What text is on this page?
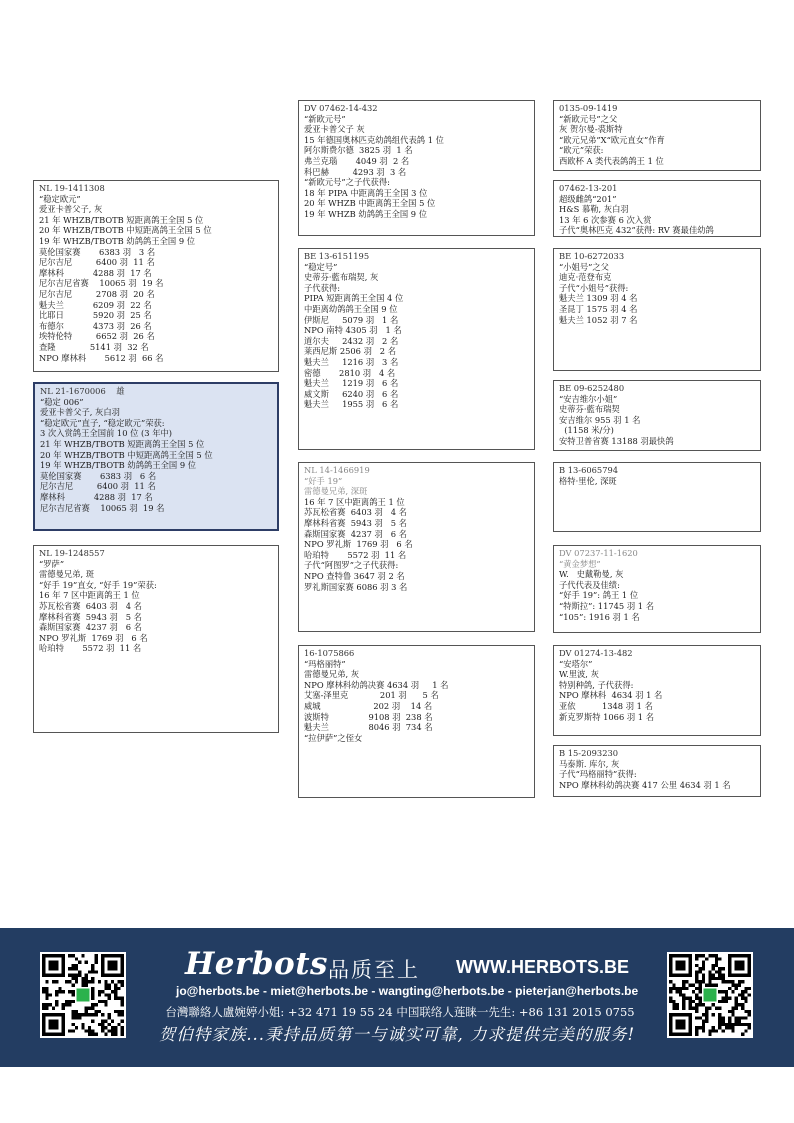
NL 21-1670006    雄
“稳定 006”
爱亚卡普父子, 灰白羽
“稳定欧元”直子, “稳定欧元”荣获:
3 次入赏鸽王全国前 10 位 (3 年中)
21 年 WHZB/TBOTB 短距离鸽王全国 5 位
20 年 WHZB/TBOTB 中短距离鸽王全国 5 位
19 年 WHZB/TBOTB 幼鸽鸽王全国 9 位
莫伦国家赛       6383 羽   6 名
尼尔吉尼         6400 羽  11 名
摩林科           4288 羽  17 名
尼尔吉尼省赛    10065 羽  19 名
NL 19-1411308
“稳定欧元”
爱亚卡普父子, 灰
21 年 WHZB/TBOTB 短距离鸽王全国 5 位
20 年 WHZB/TBOTB 中短距离鸽王全国 5 位
19 年 WHZB/TBOTB 幼鸽鸽王全国 9 位
莫伦国家赛       6383 羽   3 名
尼尔吉尼         6400 羽  11 名
摩林科           4288 羽  17 名
尼尔吉尼省赛    10065 羽  19 名
尼尔吉尼         2708 羽  20 名
魁夫兰           6209 羽  22 名
比耶日           5920 羽  25 名
布德尔           4373 羽  26 名
埃特伦特         6652 羽  26 名
查隆             5141 羽  32 名
NPO 摩林科       5612 羽  66 名
NL 19-1248557
“罗萨”
雷德曼兄弟, 斑
“好手 19”直女, “好手 19”荣获:
16 年 7 区中距离鸽王 1 位
苏瓦松省赛  6403 羽   4 名
摩林科省赛  5943 羽   5 名
森斯国家赛  4237 羽   6 名
NPO 罗礼斯  1769 羽   6 名
哈珀特       5572 羽  11 名
DV 07462-14-432
“新欧元号”
爱亚卡普父子 灰
15 年德国奥林匹克幼鸽组代表鸽 1 位
阿尔斯费尔德  3825 羽  1 名
弗兰克瑙       4049 羽  2 名
科巴赫         4293 羽  3 名
“新欧元号”之子代获得:
18 年 PIPA 中距离鸽王全国 3 位
20 年 WHZB 中距离鸽王全国 5 位
19 年 WHZB 幼鸽鸽王全国 9 位
BE 13-6151195
“稳定号”
史蒂芬·藍布瑞契, 灰
子代获得:
PIPA 短距离鸽王全国 4 位
中距离幼鸽鸽王全国 9 位
伊斯尼     5079 羽   1 名
NPO 南特 4305 羽   1 名
道尔夫     2432 羽   2 名
莱西尼斯 2506 羽   2 名
魁夫兰     1216 羽   3 名
密德       2810 羽   4 名
魁夫兰     1219 羽   6 名
威文斯     6240 羽   6 名
魁夫兰     1955 羽   6 名
NL 14-1466919
“好手 19”
雷德曼兄弟, 深斑
16 年 7 区中距离鸽王 1 位
苏瓦松省赛  6403 羽   4 名
摩林科省赛  5943 羽   5 名
森斯国家赛  4237 羽   6 名
NPO 罗礼斯  1769 羽   6 名
哈珀特       5572 羽  11 名
子代“阿图罗”之子代获得:
NPO 查特鲁 3647 羽 2 名
罗礼斯国家赛 6086 羽 3 名
16-1075866
“玛格丽特”
雷德曼兄弟, 灰
NPO 摩林科幼鸽决赛 4634 羽     1 名
艾塞-泽里克            201 羽      5 名
威城                    202 羽    14 名
波斯特               9108 羽  238 名
魁夫兰               8046 羽  734 名
“拉伊萨”之侄女
0135-09-1419
“新欧元号”之父
灰 贺尔曼-裘斯特
“欧元兄弟”X“欧元直女”作育
“欧元”荣获:
西欧杯 A 类代表鸽鸽王 1 位
07462-13-201
超级雌鸽“201”
H&S 慕勒, 灰白羽
13 年 6 次参赛 6 次入赏
子代“奥林匹克 432”获得: RV 赛最佳幼鸽
BE 10-6272033
“小姐号”之父
迪克·范登布克
子代“小姐号”获得:
魁夫兰 1309 羽 4 名
圣昆丁 1575 羽 4 名
魁夫兰 1052 羽 7 名
BE 09-6252480
“安吉维尔小姐”
史蒂芬·藍布瑞契
安吉维尔 955 羽 1 名
(1158 米/分)
安特卫普省赛 13188 羽最快鸽
B 13-6065794
格特·里伦, 深斑
DV 07237-11-1620
“黄金梦想”
W.   史戴勒曼, 灰
子代代表及佳绩:
“好手 19”: 鸽王 1 位
“特斯拉”: 11745 羽 1 名
“105”: 1916 羽 1 名
DV 01274-13-482
“安塔尔”
W.里波, 灰
特别种鸽, 子代获得:
NPO 摩林科  4634 羽 1 名
亚依          1348 羽 1 名
新克罗斯特 1066 羽 1 名
B 15-2093230
马泰斯. 库尔, 灰
子代“玛格丽特”获得:
NPO 摩林科幼鸽决赛 417 公里 4634 羽 1 名
Herbots 品质至上 WWW.HERBOTS.BE
jo@herbots.be - miet@herbots.be - wangting@herbots.be - pieterjan@herbots.be
台灣聯絡人盧婉婷小姐: +32 471 19 55 24 中国联络人莲睐一先生: +86 131 2015 0755
贺伯特家族...秉持品质第一与诚实可靠, 力求提供完美的服务!
